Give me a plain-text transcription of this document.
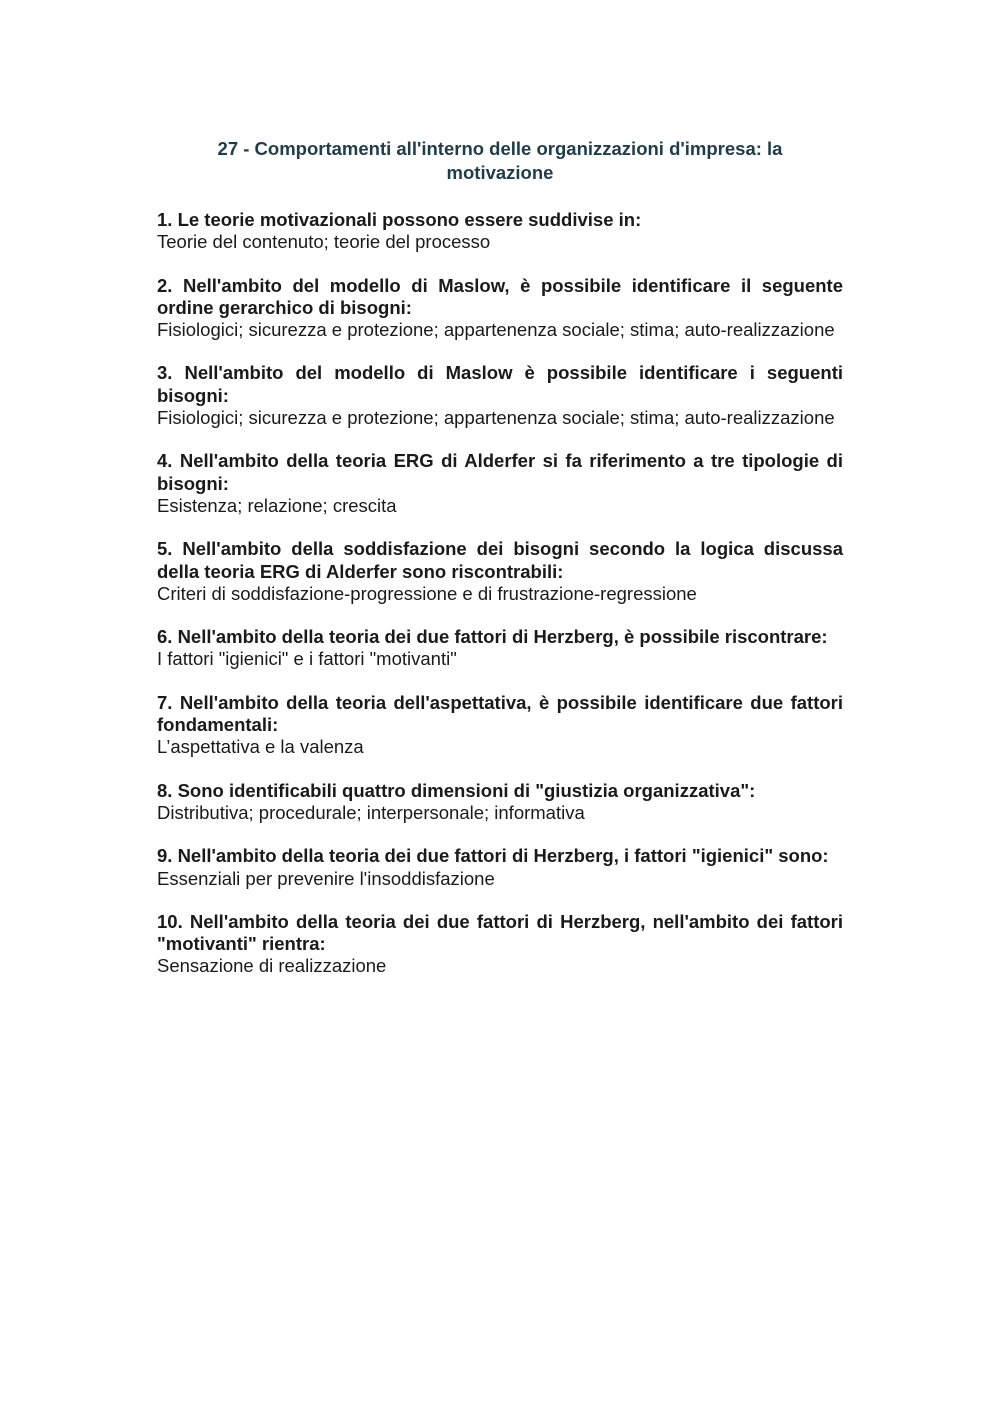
27 - Comportamenti all'interno delle organizzazioni d'impresa: la motivazione
1. Le teorie motivazionali possono essere suddivise in:
Teorie del contenuto; teorie del processo
2. Nell'ambito del modello di Maslow, è possibile identificare il seguente ordine gerarchico di bisogni:
Fisiologici; sicurezza e protezione; appartenenza sociale; stima; auto-realizzazione
3. Nell'ambito del modello di Maslow è possibile identificare i seguenti bisogni:
Fisiologici; sicurezza e protezione; appartenenza sociale; stima; auto-realizzazione
4. Nell'ambito della teoria ERG di Alderfer si fa riferimento a tre tipologie di bisogni:
Esistenza; relazione; crescita
5. Nell'ambito della soddisfazione dei bisogni secondo la logica discussa della teoria ERG di Alderfer sono riscontrabili:
Criteri di soddisfazione-progressione e di frustrazione-regressione
6. Nell'ambito della teoria dei due fattori di Herzberg, è possibile riscontrare:
I fattori "igienici" e i fattori "motivanti"
7. Nell'ambito della teoria dell'aspettativa, è possibile identificare due fattori fondamentali:
L’aspettativa e la valenza
8. Sono identificabili quattro dimensioni di "giustizia organizzativa":
Distributiva; procedurale; interpersonale; informativa
9. Nell'ambito della teoria dei due fattori di Herzberg, i fattori "igienici" sono:
Essenziali per prevenire l'insoddisfazione
10. Nell'ambito della teoria dei due fattori di Herzberg, nell'ambito dei fattori "motivanti" rientra:
Sensazione di realizzazione
